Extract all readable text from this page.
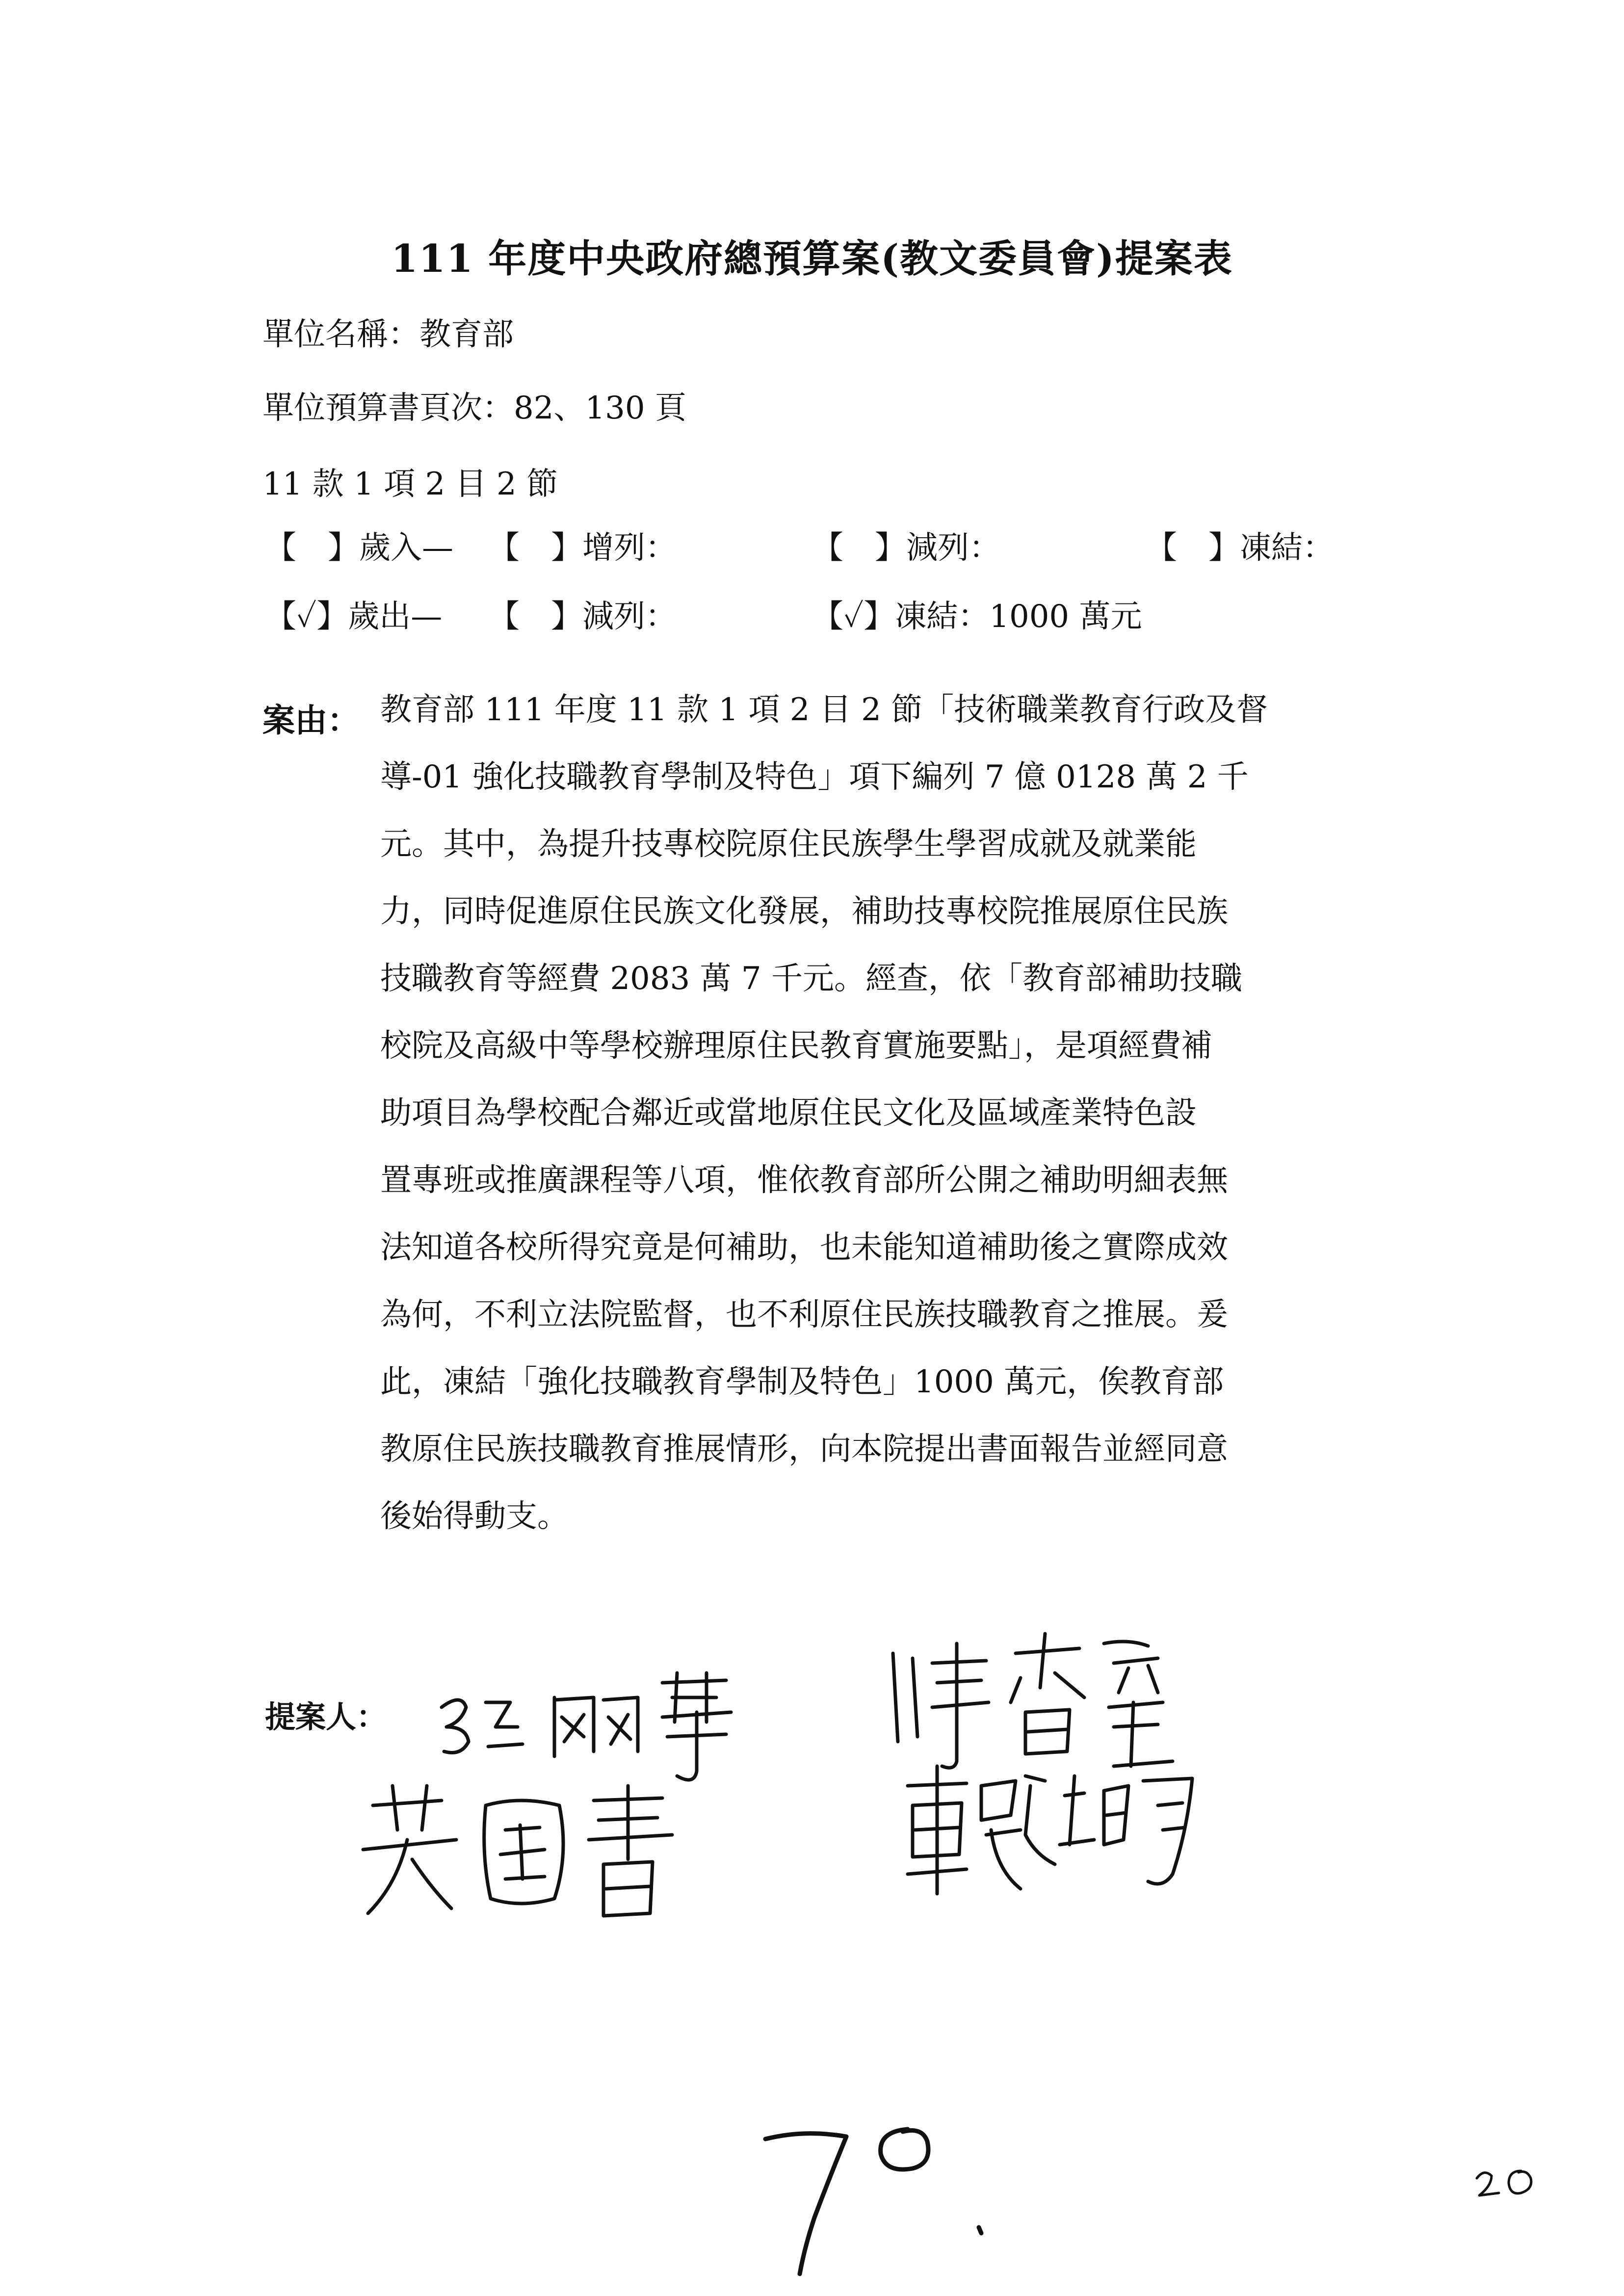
111 年度中央政府總預算案(教文委員會)提案表
單位名稱：教育部
單位預算書頁次：82、130 頁
11 款 1 項 2 目 2 節
【　】歲入— 【　】增列：	【　】減列：	【　】凍結：
【✓】歲出— 【　】減列：	【✓】凍結：1000 萬元
案由： 教育部 111 年度 11 款 1 項 2 目 2 節「技術職業教育行政及督
導-01 強化技職教育學制及特色」項下編列 7 億 0128 萬 2 千
元。其中，為提升技專校院原住民族學生學習成就及就業能
力，同時促進原住民族文化發展，補助技專校院推展原住民族
技職教育等經費 2083 萬 7 千元。經查，依「教育部補助技職
校院及高級中等學校辦理原住民教育實施要點」，是項經費補
助項目為學校配合鄰近或當地原住民文化及區域產業特色設
置專班或推廣課程等八項，惟依教育部所公開之補助明細表無
法知道各校所得究竟是何補助，也未能知道補助後之實際成效
為何，不利立法院監督，也不利原住民族技職教育之推展。爰
此，凍結「強化技職教育學制及特色」1000 萬元，俟教育部
教原住民族技職教育推展情形，向本院提出書面報告並經同意
後始得動支。
提案人：
70.
20
